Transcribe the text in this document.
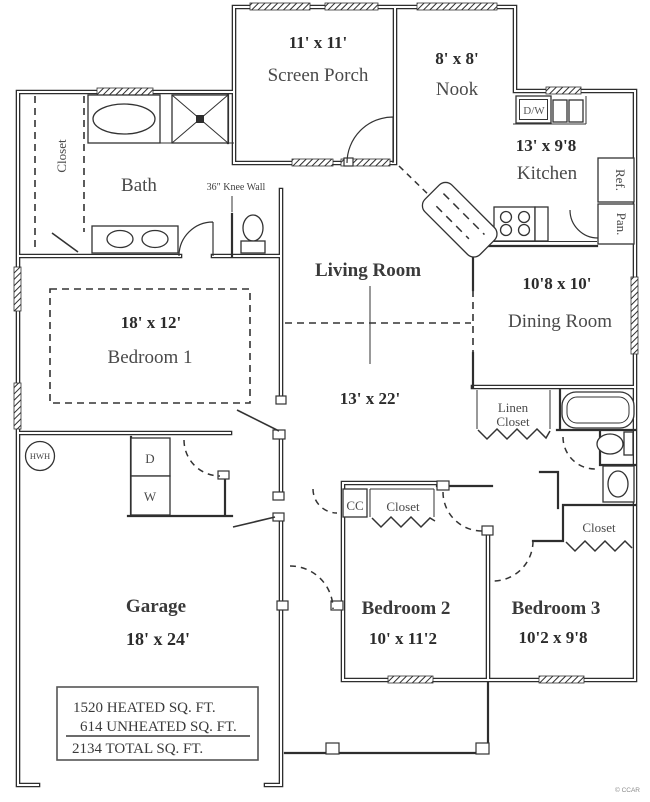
11' x 11'
Screen Porch
8' x 8'
Nook
13' x 9'8
Kitchen
D/W
Ref.
Pan.
10'8 x 10'
Dining Room
Living Room
13' x 22'
18' x 12'
Bedroom 1
Bath	36" Knee Wall
Closet
Linen
Closet
Closet
Closet
CC
HWH	D
W
Bedroom 2
10' x 11'2
Bedroom 3
10'2 x 9'8
Garage
18' x 24'
1520 HEATED SQ. FT.
614 UNHEATED SQ. FT.
2134 TOTAL SQ. FT.
© CCAR
